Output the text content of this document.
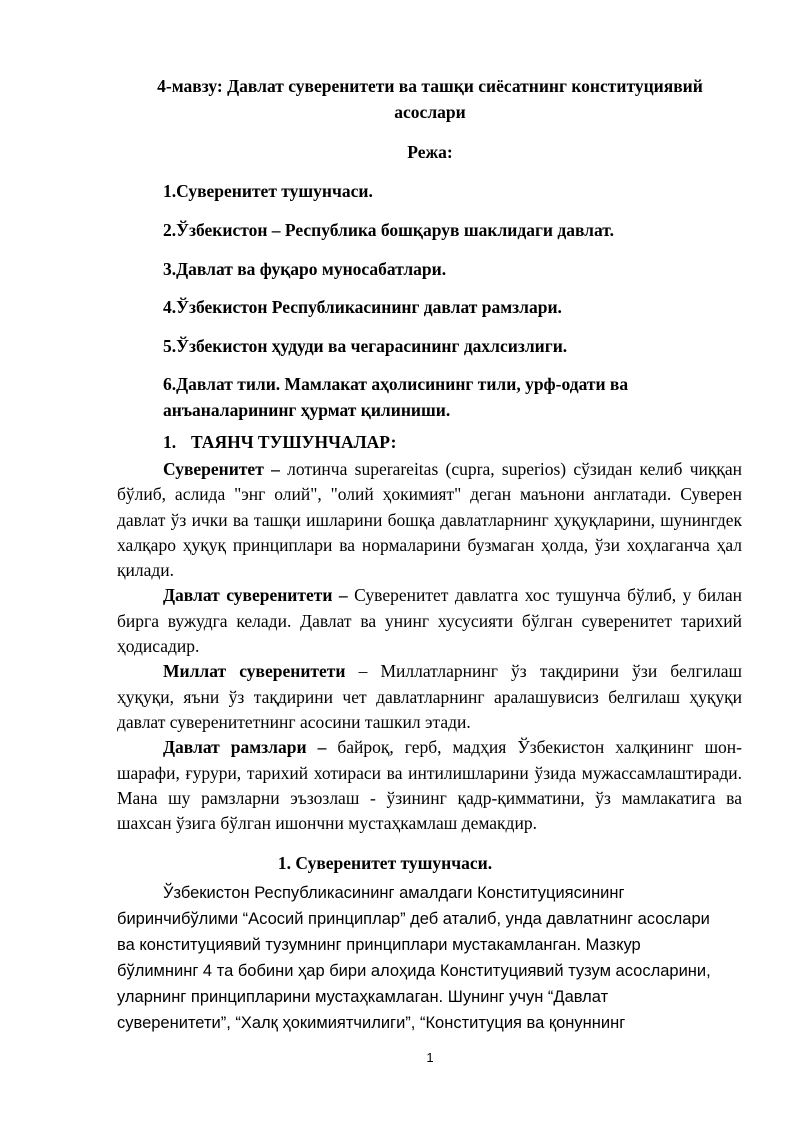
4-мавзу: Давлат суверенитети ва ташқи сиёсатнинг конституциявий асослари
Режа:
1.Суверенитет тушунчаси.
2.Ўзбекистон – Республика бошқарув шаклидаги давлат.
3.Давлат ва фуқаро муносабатлари.
4.Ўзбекистон Республикасининг давлат рамзлари.
5.Ўзбекистон ҳудуди ва чегарасининг дахлсизлиги.
6.Давлат тили. Мамлакат аҳолисининг тили, урф-одати ва анъаналарининг ҳурмат қилиниши.
1. ТАЯНЧ ТУШУНЧАЛАР:

Суверенитет – лотинча superareitas (cupra, superios) сўзидан келиб чиққан бўлиб, аслида "энг олий", "олий ҳокимият" деган маънони англатади. Суверен давлат ўз ички ва ташқи ишларини бошқа давлатларнинг ҳуқуқларини, шунингдек халқаро ҳуқуқ принциплари ва нормаларини бузмаган ҳолда, ўзи хоҳлаганча ҳал қилади.

Давлат суверенитети – Суверенитет давлатга хос тушунча бўлиб, у билан бирга вужудга келади. Давлат ва унинг хусусияти бўлган суверенитет тарихий ҳодисадир.

Миллат суверенитети – Миллатларнинг ўз тақдирини ўзи белгилаш ҳуқуқи, яъни ўз тақдирини чет давлатларнинг аралашувисиз белгилаш ҳуқуқи давлат суверенитетнинг асосини ташкил этади.

Давлат рамзлари – байроқ, герб, мадҳия Ўзбекистон халқининг шон-шарафи, ғурури, тарихий хотираси ва интилишларини ўзида мужассамлаштиради. Мана шу рамзларни эъзозлаш - ўзининг қадр-қимматини, ўз мамлакатига ва шахсан ўзига бўлган ишончни мустаҳкамлаш демакдир.

1. Суверенитет тушунчаси.
Ўзбекистон Республикасининг амалдаги Конституциясининг
биринчибўлими “Асосий принциплар” деб аталиб, унда давлатнинг асослари
ва конституциявий тузумнинг принциплари мустакамланган. Мазкур
бўлимнинг 4 та бобини ҳар бири алоҳида Конституциявий тузум асосларини,
уларнинг принципларини мустаҳкамлаган. Шунинг учун “Давлат
суверенитети”, “Халқ ҳокимиятчилиги”, “Конституция ва қонуннинг
1
